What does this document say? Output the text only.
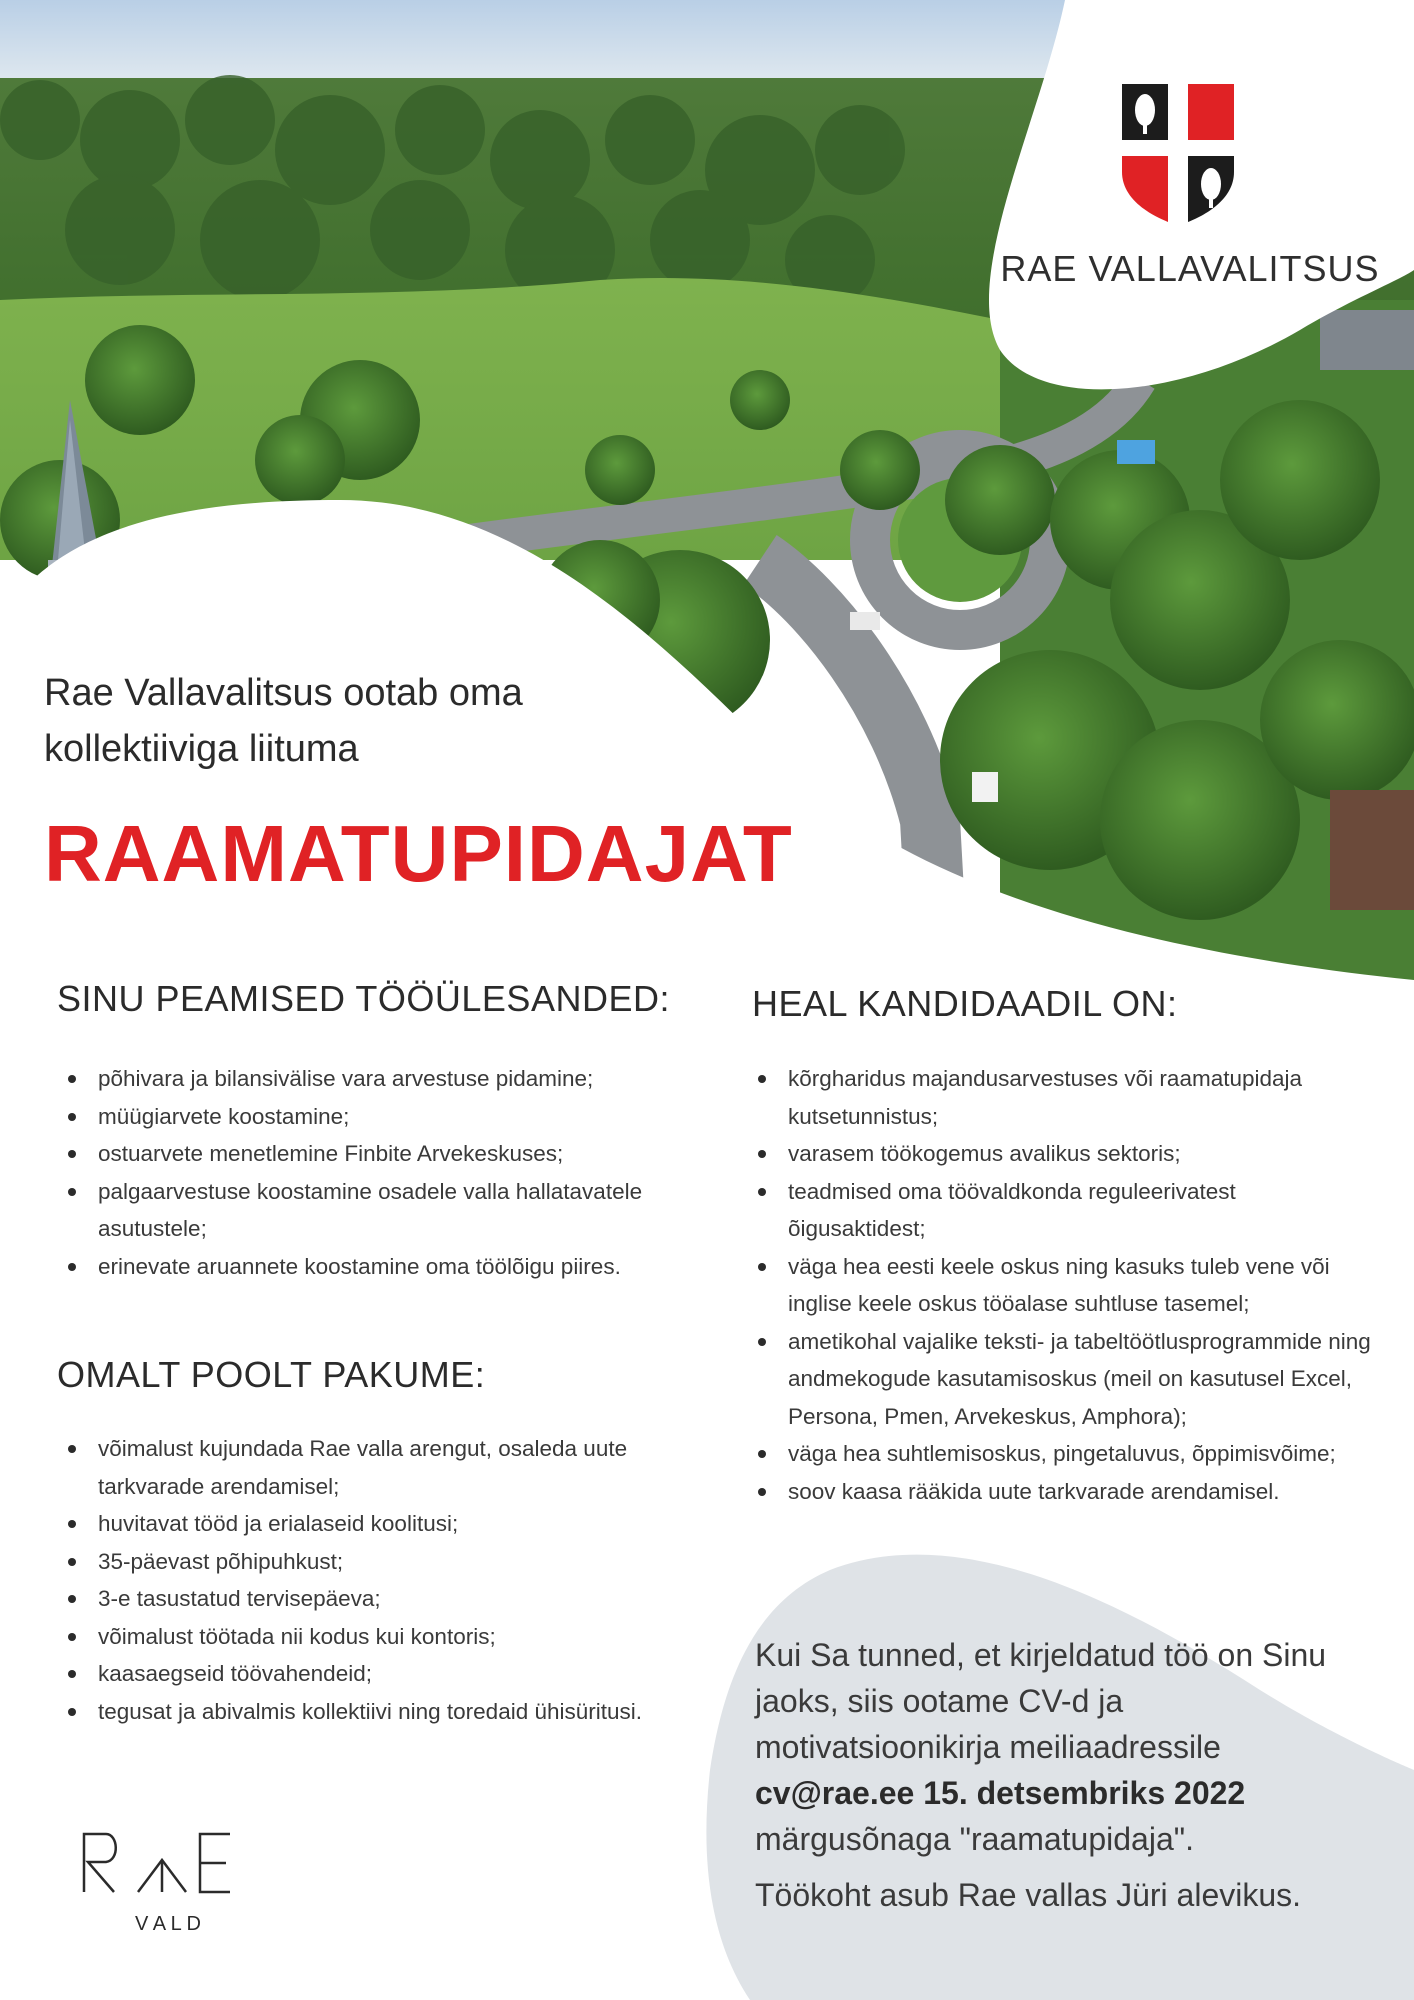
RAE VALLAVALITSUS
Rae Vallavalitsus ootab oma
kollektiiviga liituma
RAAMATUPIDAJAT
SINU PEAMISED TÖÖÜLESANDED:
põhivara ja bilansivälise vara arvestuse pidamine;
müügiarvete koostamine;
ostuarvete menetlemine Finbite Arvekeskuses;
palgaarvestuse koostamine osadele valla hallatavatele asutustele;
erinevate aruannete koostamine oma töölõigu piires.
OMALT POOLT PAKUME:
võimalust kujundada Rae valla arengut, osaleda uute tarkvarade arendamisel;
huvitavat tööd ja erialaseid koolitusi;
35-päevast põhipuhkust;
3-e tasustatud tervisepäeva;
võimalust töötada nii kodus kui kontoris;
kaasaegseid töövahendeid;
tegusat ja abivalmis kollektiivi ning toredaid ühisüritusi.
HEAL KANDIDAADIL ON:
kõrgharidus majandusarvestuses või raamatupidaja kutsetunnistus;
varasem töökogemus avalikus sektoris;
teadmised oma töövaldkonda reguleerivatest õigusaktidest;
väga hea eesti keele oskus ning kasuks tuleb vene või inglise keele oskus tööalase suhtluse tasemel;
ametikohal vajalike teksti- ja tabeltöötlusprogrammide ning andmekogude kasutamisoskus (meil on kasutusel Excel, Persona, Pmen, Arvekeskus, Amphora);
väga hea suhtlemisoskus, pingetaluvus, õppimisvõime;
soov kaasa rääkida uute tarkvarade arendamisel.
Kui Sa tunned, et kirjeldatud töö on Sinu jaoks, siis ootame CV-d ja motivatsioonikirja meiliaadressile cv@rae.ee 15. detsembriks 2022 märgusõnaga "raamatupidaja".
Töökoht asub Rae vallas Jüri alevikus.
V A L D
